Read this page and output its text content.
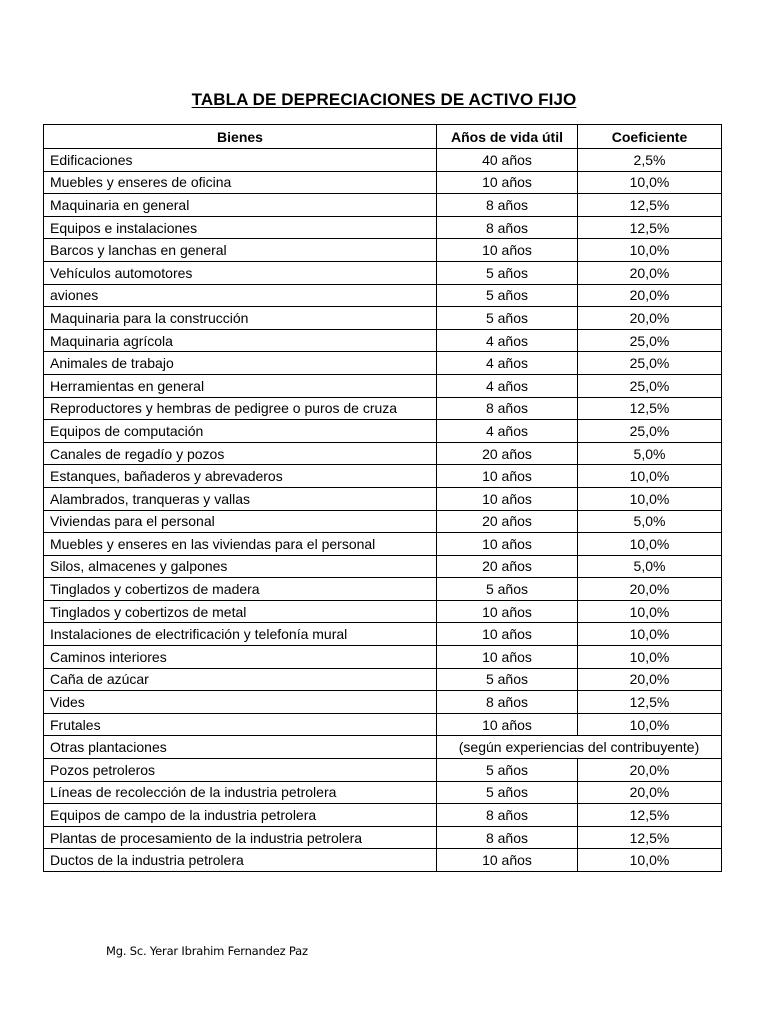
TABLA DE DEPRECIACIONES DE ACTIVO FIJO
Bienes	Años de vida útil	Coeficiente
Edificaciones	40 años	2,5%
Muebles y enseres de oficina	10 años	10,0%
Maquinaria en general	8 años	12,5%
Equipos e instalaciones	8 años	12,5%
Barcos y lanchas en general	10 años	10,0%
Vehículos automotores	5 años	20,0%
aviones	5 años	20,0%
Maquinaria para la construcción	5 años	20,0%
Maquinaria agrícola	4 años	25,0%
Animales de trabajo	4 años	25,0%
Herramientas en general	4 años	25,0%
Reproductores y hembras de pedigree o puros de cruza	8 años	12,5%
Equipos de computación	4 años	25,0%
Canales de regadío y pozos	20 años	5,0%
Estanques, bañaderos y abrevaderos	10 años	10,0%
Alambrados, tranqueras y vallas	10 años	10,0%
Viviendas para el personal	20 años	5,0%
Muebles y enseres en las viviendas para el personal	10 años	10,0%
Silos, almacenes y galpones	20 años	5,0%
Tinglados y cobertizos de madera	5 años	20,0%
Tinglados y cobertizos de metal	10 años	10,0%
Instalaciones de electrificación y telefonía mural	10 años	10,0%
Caminos interiores	10 años	10,0%
Caña de azúcar	5 años	20,0%
Vides	8 años	12,5%
Frutales	10 años	10,0%
Otras plantaciones	(según experiencias del contribuyente)	
Pozos petroleros	5 años	20,0%
Líneas de recolección de la industria petrolera	5 años	20,0%
Equipos de campo de la industria petrolera	8 años	12,5%
Plantas de procesamiento de la industria petrolera	8 años	12,5%
Ductos de la industria petrolera	10 años	10,0%
Mg. Sc. Yerar Ibrahim Fernandez Paz
